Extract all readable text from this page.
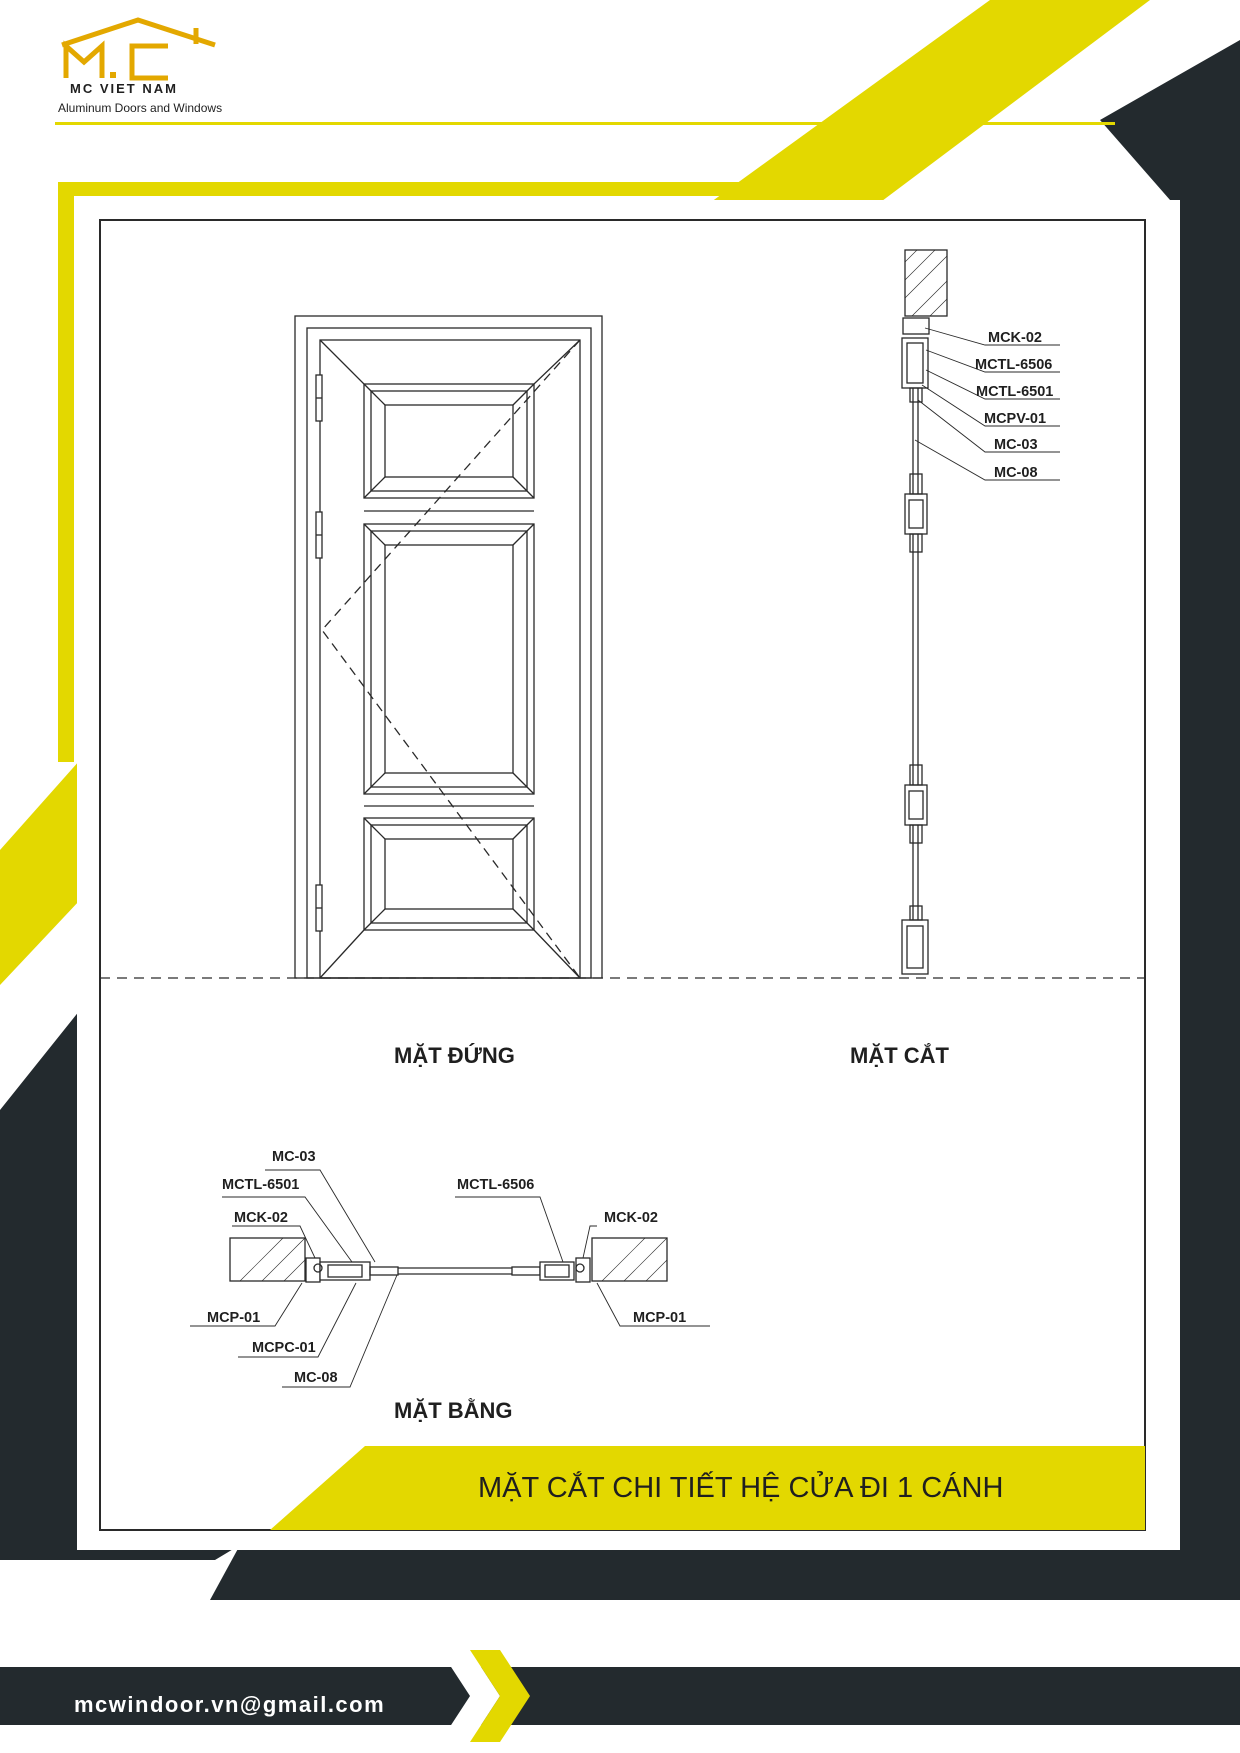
MCK-02
MCTL-6506
MCTL-6501
MCPV-01
MC-03
MC-08
MC-03
MCTL-6501
MCK-02
MCP-01
MCPC-01
MC-08
MCTL-6506
MCK-02
MCP-01
MC VIET NAM
Aluminum Doors and Windows
MẶT ĐỨNG	MẶT CẮT
MẶT BẰNG
MẶT CẮT CHI TIẾT HỆ CỬA ĐI 1 CÁNH
mcwindoor.vn@gmail.com
